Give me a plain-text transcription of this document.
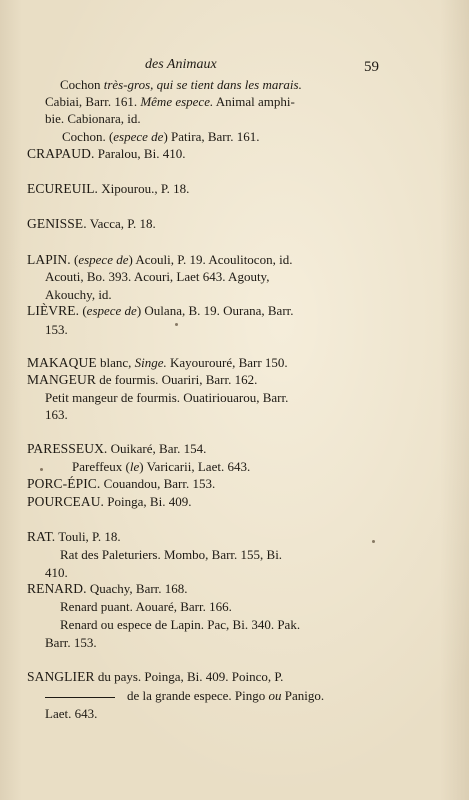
des Animaux	59
Cochon très-gros, qui se tient dans les marais.
Cabiai, Barr. 161. Même espece. Animal amphi-
bie. Cabionara, id.
Cochon. (espece de) Patira, Barr. 161.
CRAPAUD. Paralou, Bi. 410.
ECUREUIL. Xipourou., P. 18.
GENISSE. Vacca, P. 18.
LAPIN. (espece de) Acouli, P. 19. Acoulitocon, id.
Acouti, Bo. 393. Acouri, Laet 643. Agouty,
Akouchy, id.
LIÈVRE. (espece de) Oulana, B. 19. Ourana, Barr.
153.
MAKAQUE blanc, Singe. Kayourouré, Barr 150.
MANGEUR de fourmis. Ouariri, Barr. 162.
Petit mangeur de fourmis. Ouatiriouarou, Barr.
163.
PARESSEUX. Ouikaré, Bar. 154.
Pareffeux (le) Varicarii, Laet. 643.
PORC-ÉPIC. Couandou, Barr. 153.
POURCEAU. Poinga, Bi. 409.
RAT. Touli, P. 18.
Rat des Paleturiers. Mombo, Barr. 155, Bi.
410.
RENARD. Quachy, Barr. 168.
Renard puant. Aouaré, Barr. 166.
Renard ou espece de Lapin. Pac, Bi. 340. Pak.
Barr. 153.
SANGLIER du pays. Poinga, Bi. 409. Poinco, P.
de la grande espece. Pingo ou Panigo.
Laet. 643.
